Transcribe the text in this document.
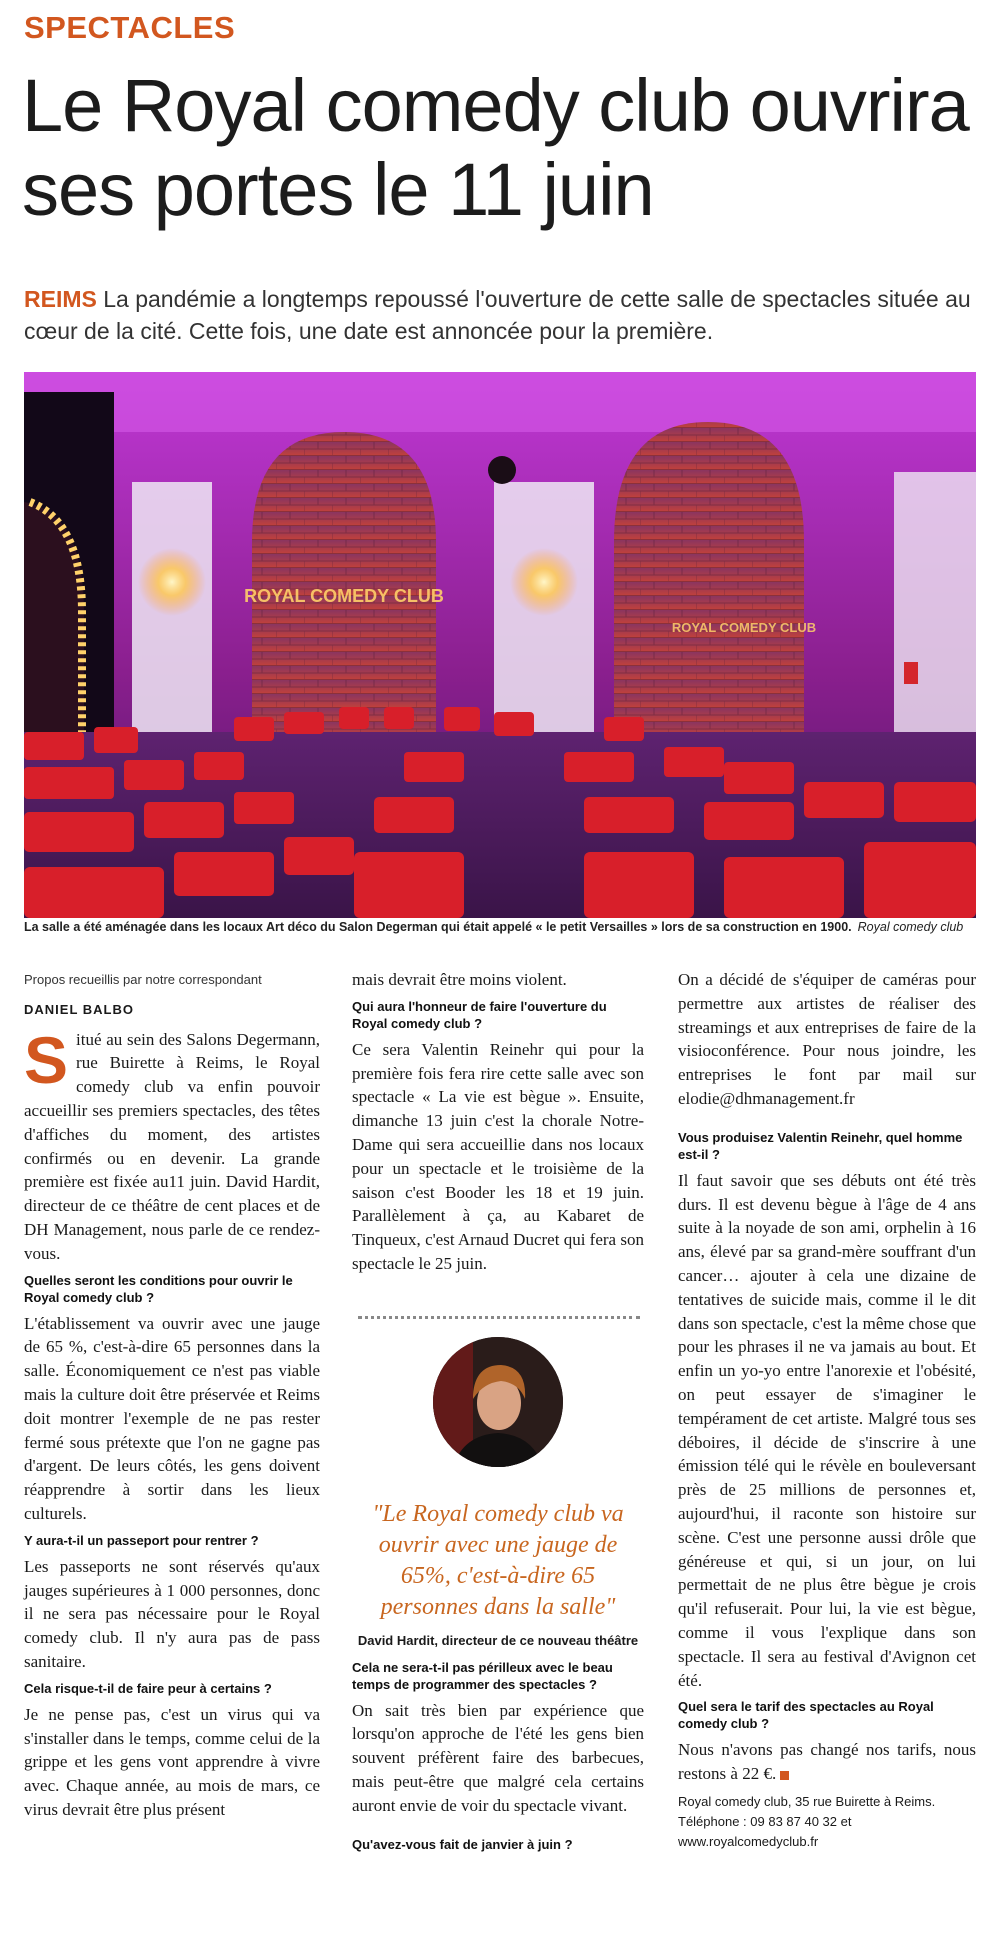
SPECTACLES
Le Royal comedy club ouvrira ses portes le 11 juin
REIMS La pandémie a longtemps repoussé l'ouverture de cette salle de spectacles située au cœur de la cité. Cette fois, une date est annoncée pour la première.
ROYAL COMEDY CLUB
ROYAL COMEDY CLUB
La salle a été aménagée dans les locaux Art déco du Salon Degerman qui était appelé « le petit Versailles » lors de sa construction en 1900. Royal comedy club

Propos recueillis par notre correspondant

DANIEL BALBO

Situé au sein des Salons Degermann, rue Buirette à Reims, le Royal comedy club va enfin pouvoir accueillir ses premiers spectacles, des têtes d'affiches du moment, des artistes confirmés ou en devenir. La grande première est fixée au11 juin. David Hardit, directeur de ce théâtre de cent places et de DH Management, nous parle de ce rendez-vous.

Quelles seront les conditions pour ouvrir le Royal comedy club ?

L'établissement va ouvrir avec une jauge de 65 %, c'est-à-dire 65 personnes dans la salle. Économiquement ce n'est pas viable mais la culture doit être préservée et Reims doit montrer l'exemple de ne pas rester fermé sous prétexte que l'on ne gagne pas d'argent. De leurs côtés, les gens doivent réapprendre à sortir dans les lieux culturels.

Y aura-t-il un passeport pour rentrer ?

Les passeports ne sont réservés qu'aux jauges supérieures à 1 000 personnes, donc il ne sera pas nécessaire pour le Royal comedy club. Il n'y aura pas de pass sanitaire.

Cela risque-t-il de faire peur à certains ?

Je ne pense pas, c'est un virus qui va s'installer dans le temps, comme celui de la grippe et les gens vont apprendre à vivre avec. Chaque année, au mois de mars, ce virus devrait être plus présent

mais devrait être moins violent.

Qui aura l'honneur de faire l'ouverture du Royal comedy club ?

Ce sera Valentin Reinehr qui pour la première fois fera rire cette salle avec son spectacle « La vie est bègue ». Ensuite, dimanche 13 juin c'est la chorale Notre-Dame qui sera accueillie dans nos locaux pour un spectacle et le troisième de la saison c'est Booder les 18 et 19 juin. Parallèlement à ça, au Kabaret de Tinqueux, c'est Arnaud Ducret qui fera son spectacle le 25 juin.

"Le Royal comedy club va ouvrir avec une jauge de 65%, c'est-à-dire 65 personnes dans la salle"

David Hardit, directeur de ce nouveau théâtre

Cela ne sera-t-il pas périlleux avec le beau temps de programmer des spectacles ?

On sait très bien par expérience que lorsqu'on approche de l'été les gens bien souvent préfèrent faire des barbecues, mais peut-être que malgré cela certains auront envie de voir du spectacle vivant.

Qu'avez-vous fait de janvier à juin ?

On a décidé de s'équiper de caméras pour permettre aux artistes de réaliser des streamings et aux entreprises de faire de la visioconférence. Pour nous joindre, les entreprises le font par mail sur elodie@dhmanagement.fr

Vous produisez Valentin Reinehr, quel homme est-il ?

Il faut savoir que ses débuts ont été très durs. Il est devenu bègue à l'âge de 4 ans suite à la noyade de son ami, orphelin à 16 ans, élevé par sa grand-mère souffrant d'un cancer… ajouter à cela une dizaine de tentatives de suicide mais, comme il le dit dans son spectacle, c'est la même chose que pour les phrases il ne va jamais au bout. Et enfin un yo-yo entre l'anorexie et l'obésité, on peut essayer de s'imaginer le tempérament de cet artiste. Malgré tous ses déboires, il décide de s'inscrire à une émission télé qui le révèle en bouleversant près de 25 millions de personnes et, aujourd'hui, il raconte son histoire sur scène. C'est une personne aussi drôle que généreuse et qui, si un jour, on lui permettait de ne plus être bègue je crois qu'il refuserait. Pour lui, la vie est bègue, comme il vous l'explique dans son spectacle. Il sera au festival d'Avignon cet été.

Quel sera le tarif des spectacles au Royal comedy club ?

Nous n'avons pas changé nos tarifs, nous restons à 22 €.

Royal comedy club, 35 rue Buirette à Reims. Téléphone : 09 83 87 40 32 et www.royalcomedyclub.fr
